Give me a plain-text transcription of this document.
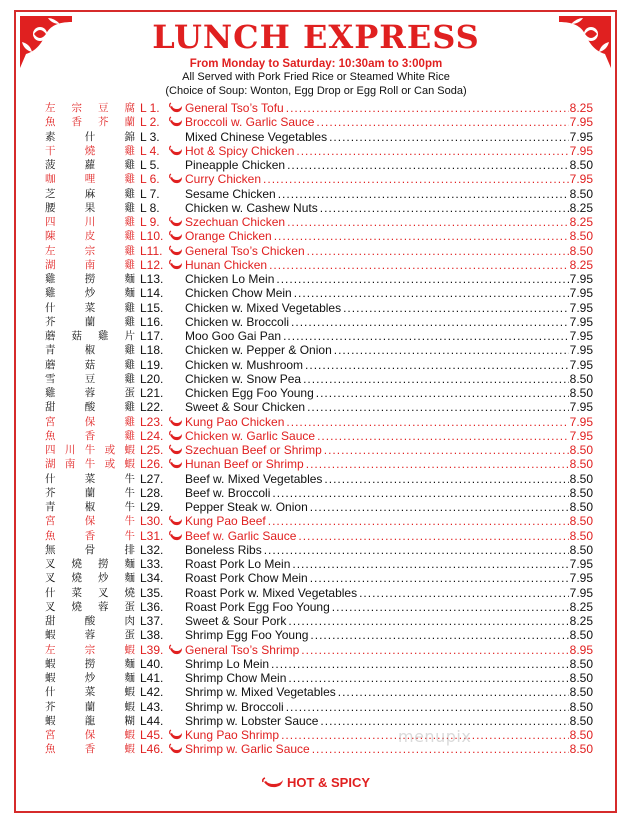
LUNCH EXPRESS
From Monday to Saturday: 10:30am to 3:00pm
All Served with Pork Fried Rice or Steamed White Rice
(Choice of Soup: Wonton, Egg Drop or Egg Roll or Can Soda)
左 宗 豆 腐 L 1.	General Tso’s Tofu .....	8.25
魚 香 芥 蘭 L 2.	Broccoli w. Garlic Sauce .....	7.95
素	什	錦 L 3.	Mixed Chinese Vegetables .....	7.95
干	燒	雞 L 4.	Hot & Spicy Chicken .....	7.95
菠	蘿	雞 L 5.	Pineapple Chicken .....	8.50
咖	哩	雞 L 6.	Curry Chicken .....	7.95
芝	麻	雞 L 7.	Sesame Chicken .....	8.50
腰	果	雞 L 8.	Chicken w. Cashew Nuts .....	8.25
四	川	雞 L 9.	Szechuan Chicken .....	8.25
陳	皮	雞 L10.	Orange Chicken .....	8.50
左	宗	雞 L11.	General Tso’s Chicken .....	8.50
湖	南	雞 L12.	Hunan Chicken .....	8.25
雞	撈	麵 L13.	Chicken Lo Mein .....	7.95
雞	炒	麵 L14.	Chicken Chow Mein .....	7.95
什	菜	雞 L15.	Chicken w. Mixed Vegetables .....	7.95
芥	蘭	雞 L16.	Chicken w. Broccoli .....	7.95
蘑 菇 雞 片 L17.	Moo Goo Gai Pan .....	7.95
青	椒	雞 L18.	Chicken w. Pepper & Onion .....	7.95
蘑	菇	雞 L19.	Chicken w. Mushroom .....	7.95
雪	豆	雞 L20.	Chicken w. Snow Pea .....	8.50
雞	蓉	蛋 L21.	Chicken Egg Foo Young .....	8.50
甜	酸	雞 L22.	Sweet & Sour Chicken .....	7.95
宮	保	雞 L23.	Kung Pao Chicken .....	7.95
魚	香	雞 L24.	Chicken w. Garlic Sauce .....	7.95
四 川 牛 或 蝦 L25.	Szechuan Beef or Shrimp .....	8.50
湖 南 牛 或 蝦 L26.	Hunan Beef or Shrimp .....	8.50
什	菜	牛 L27.	Beef w. Mixed Vegetables .....	8.50
芥	蘭	牛 L28.	Beef w. Broccoli .....	8.50
青	椒	牛 L29.	Pepper Steak w. Onion .....	8.50
宮	保	牛 L30.	Kung Pao Beef .....	8.50
魚	香	牛 L31.	Beef w. Garlic Sauce .....	8.50
無	骨	排 L32.	Boneless Ribs .....	8.50
叉 燒 撈 麵 L33.	Roast Pork Lo Mein .....	7.95
叉 燒 炒 麵 L34.	Roast Pork Chow Mein .....	7.95
什 菜 叉 燒 L35.	Roast Pork w. Mixed Vegetables .....	7.95
叉 燒 蓉 蛋 L36.	Roast Pork Egg Foo Young .....	8.25
甜	酸	肉 L37.	Sweet & Sour Pork .....	8.25
蝦	蓉	蛋 L38.	Shrimp Egg Foo Young .....	8.50
左	宗	蝦 L39.	General Tso’s Shrimp .....	8.95
蝦	撈	麵 L40.	Shrimp Lo Mein .....	8.50
蝦	炒	麵 L41.	Shrimp Chow Mein .....	8.50
什	菜	蝦 L42.	Shrimp w. Mixed Vegetables .....	8.50
芥	蘭	蝦 L43.	Shrimp w. Broccoli .....	8.50
蝦	龍	糊 L44.	Shrimp w. Lobster Sauce .....	8.50
宮	保	蝦 L45.	Kung Pao Shrimp .....	8.50
魚	香	蝦 L46.	Shrimp w. Garlic Sauce .....	8.50
menupix
HOT & SPICY
